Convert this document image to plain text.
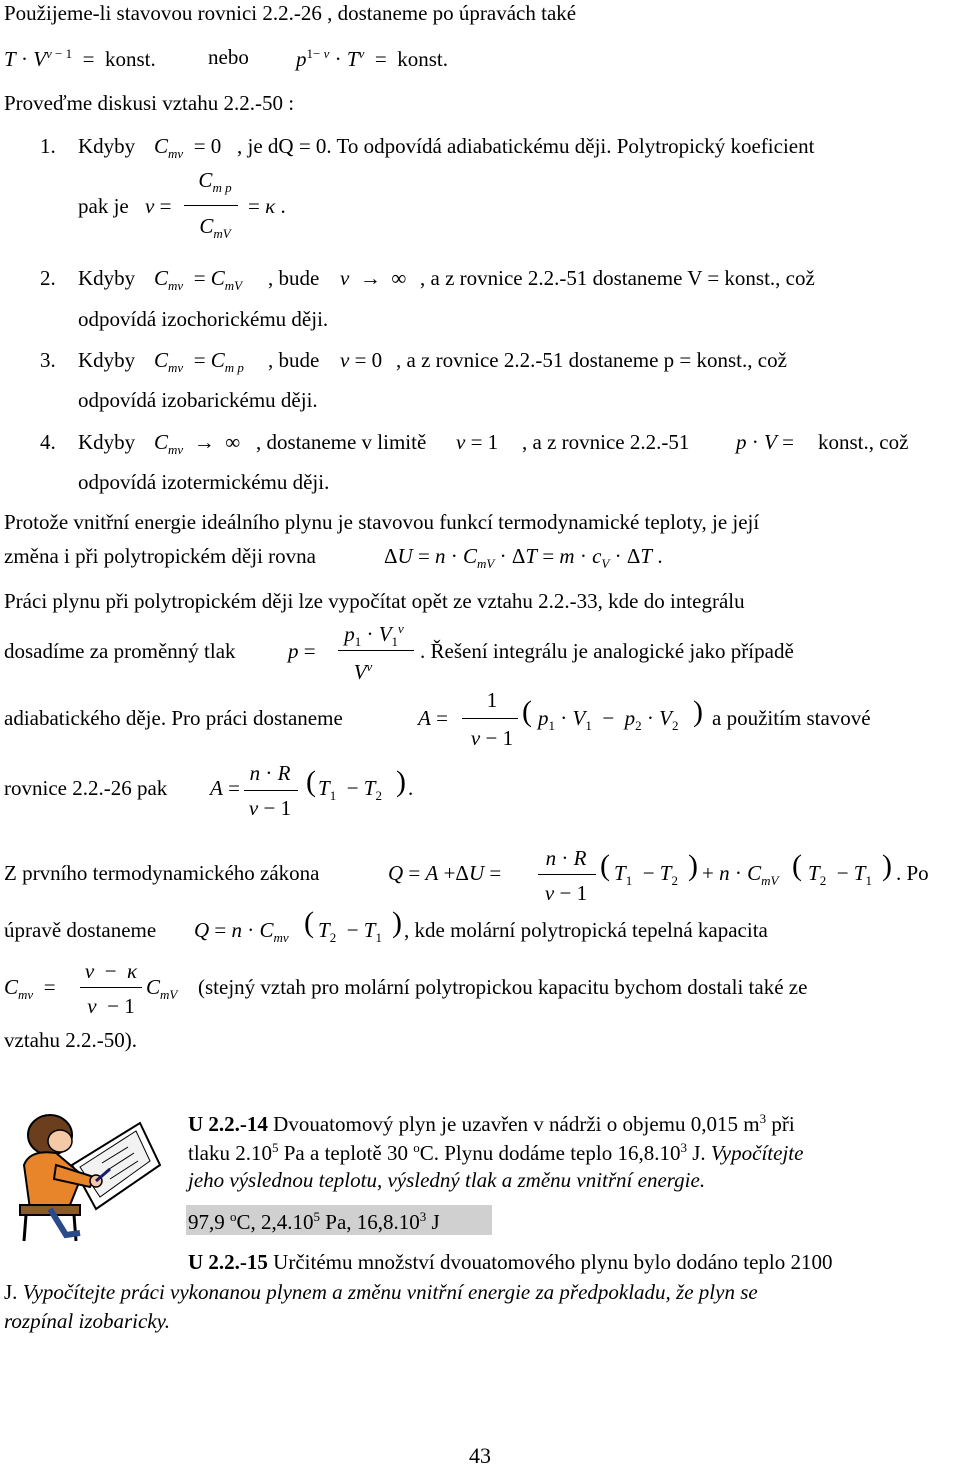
Použijeme-li stavovou rovnici 2.2.-26 , dostaneme po úpravách také
$T \cdot V^{\nu - 1}$  =  konst. nebo $p^{1- \nu} \cdot T^\nu$  =  konst.
Proveďme diskusi vztahu 2.2.-50 :
1. Kdyby $C_{m\nu} = 0$ , je dQ = 0. To odpovídá adiabatickému ději. Polytropický koeficient
pak je ν =
$C_{m p}$
$C_{mV}$
= κ .
2. Kdyby $C_{m\nu} = C_{mV}$ , bude ν  →  ∞ , a z rovnice 2.2.-51 dostaneme V = konst., což
odpovídá izochorickému ději.
3. Kdyby $C_{m\nu} = C_{m p}$ , bude ν = 0 , a z rovnice 2.2.-51 dostaneme p = konst., což
odpovídá izobarickému ději.
4. Kdyby $C_{m\nu}$  →  ∞ , dostaneme v limitě ν = 1 , a z rovnice 2.2.-51 p · V = konst., což
odpovídá izotermickému ději.
Protože vnitřní energie ideálního plynu je stavovou funkcí termodynamické teploty, je její
změna i při polytropickém ději rovna	$\Delta U = n \cdot C_{mV} \cdot \Delta T = m \cdot c_V \cdot \Delta T$ .
Práci plynu při polytropickém ději lze vypočítat opět ze vztahu 2.2.-33, kde do integrálu
dosadíme za proměnný tlak p =
$p_1 \cdot V_1^\nu$
$V^\nu$
. Řešení integrálu je analogické jako případě
adiabatického děje. Pro práci dostaneme	A =
1
ν − 1
( $p_1 \cdot V_1 - p_2 \cdot V_2$ ) a použitím stavové
rovnice 2.2.-26 pak A =
n · R
ν − 1
( $T_1 - T_2$ ) .
Z prvního termodynamického zákona	Q = A +ΔU =
n · R
ν − 1
( $T_1 - T_2$ ) + $n \cdot C_{mV}$ ( $T_2 - T_1$ ) . Po
úpravě dostaneme $Q = n \cdot C_{m\nu}$ ( $T_2 - T_1$ ) , kde molární polytropická tepelná kapacita
$C_{m\nu}$  =
ν  −  κ
ν  − 1
$C_{mV}$ (stejný vztah pro molární polytropickou kapacitu bychom dostali také ze
vztahu 2.2.-50).
U 2.2.-14 Dvouatomový plyn je uzavřen v nádrži o objemu 0,015 $m^3$ při
tlaku 2.10$^5$ Pa a teplotě 30 $^o$C. Plynu dodáme teplo 16,8.10$^3$ J. Vypočítejte
jeho výslednou teplotu, výsledný tlak a změnu vnitřní energie.
97,9 $^o$C, 2,4.10$^5$ Pa, 16,8.10$^3$ J
U 2.2.-15 Určitému množství dvouatomového plynu bylo dodáno teplo 2100
J. Vypočítejte práci vykonanou plynem a změnu vnitřní energie za předpokladu, že plyn se
rozpínal izobaricky.
43
